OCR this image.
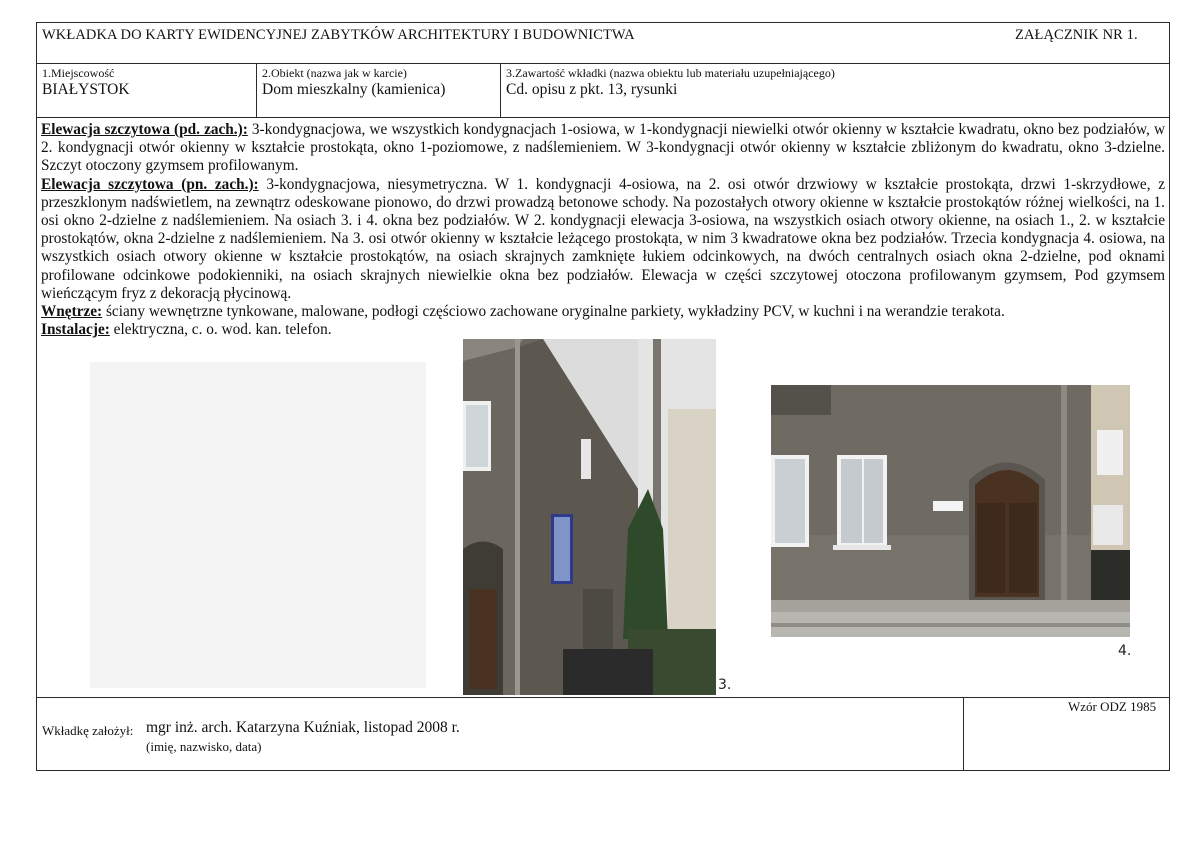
WKŁADKA DO KARTY EWIDENCYJNEJ ZABYTKÓW ARCHITEKTURY I BUDOWNICTWA	ZAŁĄCZNIK NR 1.
1.Miejscowość
BIAŁYSTOK
2.Obiekt (nazwa jak w karcie)
Dom mieszkalny (kamienica)
3.Zawartość wkładki (nazwa obiektu lub materiału uzupełniającego)
Cd. opisu z pkt. 13, rysunki

Elewacja szczytowa (pd. zach.): 3-kondygnacjowa, we wszystkich kondygnacjach 1-osiowa, w 1-kondygnacji niewielki otwór okienny w kształcie kwadratu, okno bez podziałów, w 2. kondygnacji otwór okienny w kształcie prostokąta, okno 1-poziomowe, z nadślemieniem. W 3-kondygnacji otwór okienny w kształcie zbliżonym do kwadratu, okno 3-dzielne. Szczyt otoczony gzymsem profilowanym.

Elewacja szczytowa (pn. zach.): 3-kondygnacjowa, niesymetryczna. W 1. kondygnacji 4-osiowa, na 2. osi otwór drzwiowy w kształcie prostokąta, drzwi 1-skrzydłowe, z przeszklonym nadświetlem, na zewnątrz odeskowane pionowo, do drzwi prowadzą betonowe schody. Na pozostałych otwory okienne w kształcie prostokątów różnej wielkości, na 1. osi okno 2-dzielne z nadślemieniem. Na osiach 3. i 4. okna bez podziałów. W 2. kondygnacji elewacja 3-osiowa, na wszystkich osiach otwory okienne, na osiach 1., 2. w kształcie prostokątów, okna 2-dzielne z nadślemieniem. Na 3. osi otwór okienny w kształcie leżącego prostokąta, w nim 3 kwadratowe okna bez podziałów. Trzecia kondygnacja 4. osiowa, na wszystkich osiach otwory okienne w kształcie prostokątów, na osiach skrajnych zamknięte łukiem odcinkowych, na dwóch centralnych osiach okna 2-dzielne, pod oknami profilowane odcinkowe podokienniki, na osiach skrajnych niewielkie okna bez podziałów. Elewacja w części szczytowej otoczona profilowanym gzymsem, Pod gzymsem wieńczącym fryz z dekoracją płycinową.

Wnętrze: ściany wewnętrzne tynkowane, malowane, podłogi częściowo zachowane oryginalne parkiety, wykładziny PCV, w kuchni i na werandzie terakota.

Instalacje: elektryczna, c. o. wod. kan. telefon.

3.
4.
Wzór ODZ 1985
Wkładkę założył: mgr inż. arch. Katarzyna Kuźniak, listopad 2008 r.
(imię, nazwisko, data)
